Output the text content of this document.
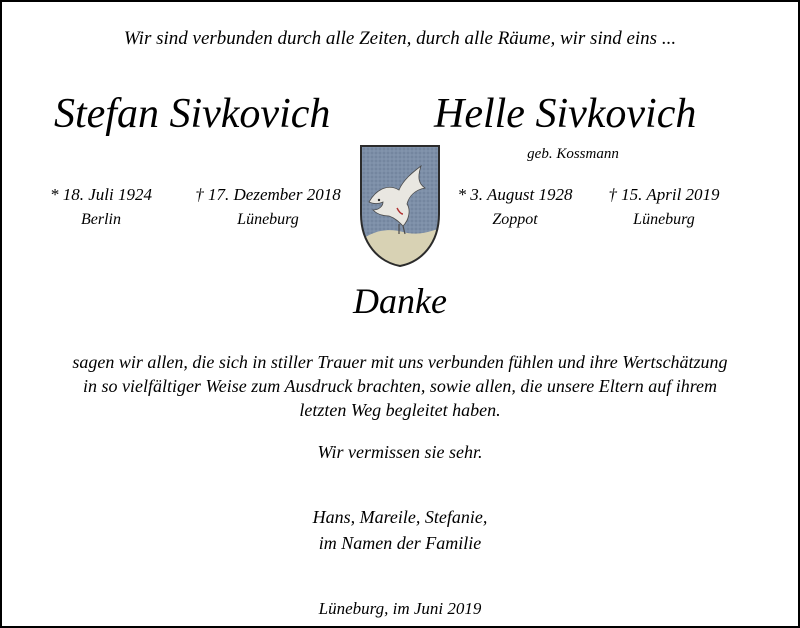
Wir sind verbunden durch alle Zeiten, durch alle Räume, wir sind eins ...
Stefan Sivkovich Helle Sivkovich
geb. Kossmann
* 18. Juli 1924
Berlin
† 17. Dezember 2018
Lüneburg
* 3. August 1928
Zoppot
† 15. April 2019
Lüneburg
Danke
sagen wir allen, die sich in stiller Trauer mit uns verbunden fühlen und ihre Wertschätzung
in so vielfältiger Weise zum Ausdruck brachten, sowie allen, die unsere Eltern auf ihrem
letzten Weg begleitet haben.
Wir vermissen sie sehr.
Hans, Mareile, Stefanie,
im Namen der Familie
Lüneburg, im Juni 2019
